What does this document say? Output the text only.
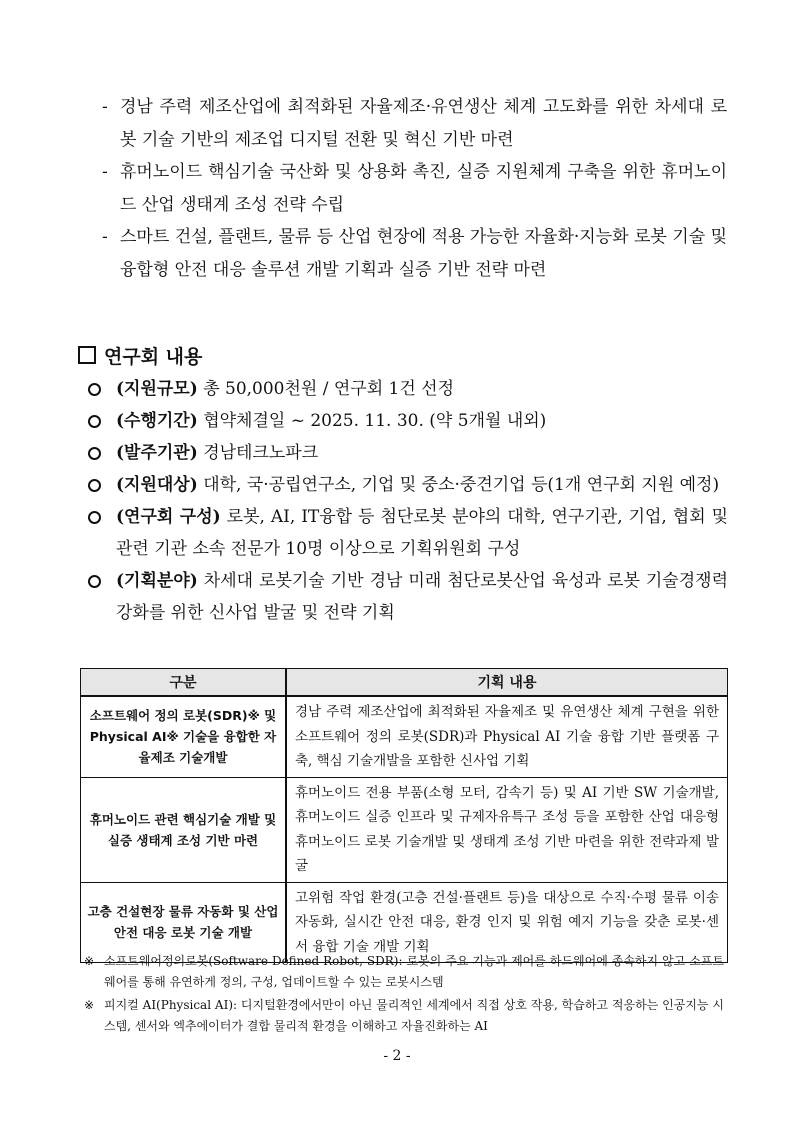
- 경남 주력 제조산업에 최적화된 자율제조·유연생산 체계 고도화를 위한 차세대 로봇 기술 기반의 제조업 디지털 전환 및 혁신 기반 마련
- 휴머노이드 핵심기술 국산화 및 상용화 촉진, 실증 지원체계 구축을 위한 휴머노이드 산업 생태계 조성 전략 수립
- 스마트 건설, 플랜트, 물류 등 산업 현장에 적용 가능한 자율화·지능화 로봇 기술 및 융합형 안전 대응 솔루션 개발 기획과 실증 기반 전략 마련
연구회 내용
(지원규모) 총 50,000천원 / 연구회 1건 선정
(수행기간) 협약체결일 ~ 2025. 11. 30. (약 5개월 내외)
(발주기관) 경남테크노파크
(지원대상) 대학, 국·공립연구소, 기업 및 중소·중견기업 등(1개 연구회 지원 예정)
(연구회 구성) 로봇, AI, IT융합 등 첨단로봇 분야의 대학, 연구기관, 기업, 협회 및 관련 기관 소속 전문가 10명 이상으로 기획위원회 구성
(기획분야) 차세대 로봇기술 기반 경남 미래 첨단로봇산업 육성과 로봇 기술경쟁력 강화를 위한 신사업 발굴 및 전략 기획
구분	기획 내용
소프트웨어 정의 로봇(SDR)※ 및 Physical AI※ 기술을 융합한 자율제조 기술개발	경남 주력 제조산업에 최적화된 자율제조 및 유연생산 체계 구현을 위한 소프트웨어 정의 로봇(SDR)과 Physical AI 기술 융합 기반 플랫폼 구축, 핵심 기술개발을 포함한 신사업 기획
휴머노이드 관련 핵심기술 개발 및 실증 생태계 조성 기반 마련	휴머노이드 전용 부품(소형 모터, 감속기 등) 및 AI 기반 SW 기술개발, 휴머노이드 실증 인프라 및 규제자유특구 조성 등을 포함한 산업 대응형 휴머노이드 로봇 기술개발 및 생태계 조성 기반 마련을 위한 전략과제 발굴
고층 건설현장 물류 자동화 및 산업안전 대응 로봇 기술 개발	고위험 작업 환경(고층 건설·플랜트 등)을 대상으로 수직·수평 물류 이송 자동화, 실시간 안전 대응, 환경 인지 및 위험 예지 기능을 갖춘 로봇·센서 융합 기술 개발 기획
※ 소프트웨어정의로봇(Software Defined Robot, SDR): 로봇의 주요 기능과 제어를 하드웨어에 종속하지 않고 소프트웨어를 통해 유연하게 정의, 구성, 업데이트할 수 있는 로봇시스템
※ 피지컬 AI(Physical AI): 디지털환경에서만이 아닌 물리적인 세계에서 직접 상호 작용, 학습하고 적응하는 인공지능 시스템, 센서와 엑추에이터가 결합 물리적 환경을 이해하고 자율진화하는 AI
- 2 -
